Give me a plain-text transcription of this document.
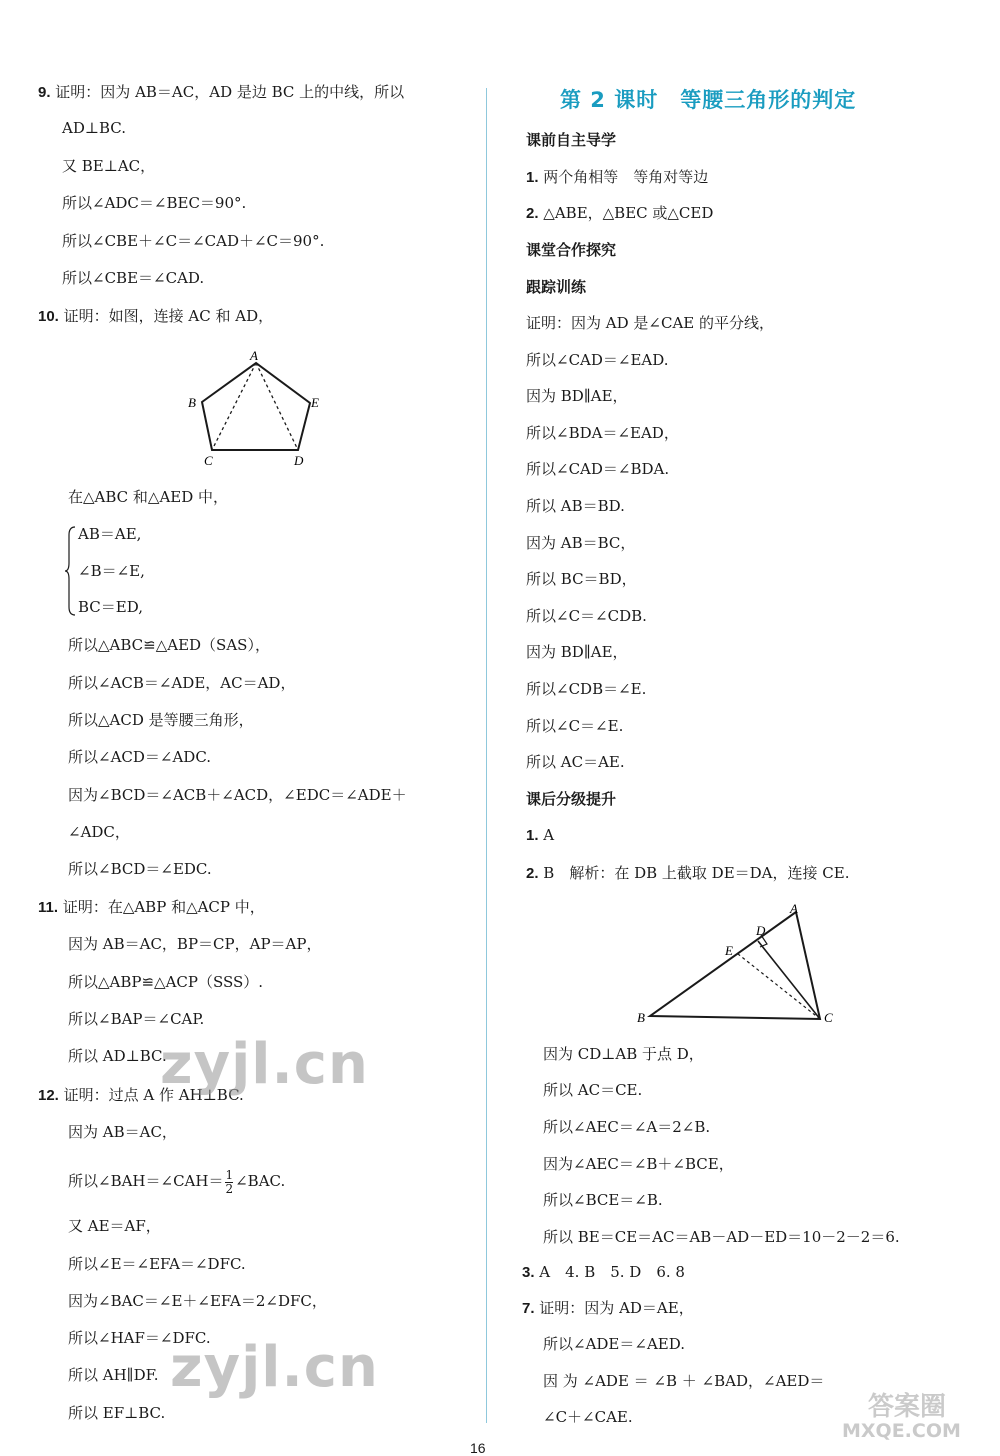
9. 证明：因为 AB＝AC，AD 是边 BC 上的中线，所以
AD⊥BC.
又 BE⊥AC，
所以∠ADC＝∠BEC＝90°.
所以∠CBE＋∠C＝∠CAD＋∠C＝90°.
所以∠CBE＝∠CAD.
10. 证明：如图，连接 AC 和 AD，
A
B
C	D
E
在△ABC 和△AED 中，
AB＝AE,
∠B＝∠E,
BC＝ED,
所以△ABC≌△AED（SAS），
所以∠ACB＝∠ADE，AC＝AD，
所以△ACD 是等腰三角形，
所以∠ACD＝∠ADC.
因为∠BCD＝∠ACB＋∠ACD，∠EDC＝∠ADE＋
∠ADC，
所以∠BCD＝∠EDC.
11. 证明：在△ABP 和△ACP 中，
因为 AB＝AC，BP＝CP，AP＝AP，
所以△ABP≌△ACP（SSS）.
所以∠BAP＝∠CAP.
所以 AD⊥BC.
12. 证明：过点 A 作 AH⊥BC.
因为 AB＝AC，
所以∠BAH＝∠CAH＝ $\frac{1}{2}$ ∠BAC.
又 AE＝AF，
所以∠E＝∠EFA＝∠DFC.
因为∠BAC＝∠E＋∠EFA＝2∠DFC，
所以∠HAF＝∠DFC.
所以 AH∥DF.
所以 EF⊥BC.
第 2 课时　等腰三角形的判定
课前自主导学
1. 两个角相等　等角对等边
2. △ABE，△BEC 或△CED
课堂合作探究
跟踪训练
证明：因为 AD 是∠CAE 的平分线，
所以∠CAD＝∠EAD.
因为 BD∥AE，
所以∠BDA＝∠EAD，
所以∠CAD＝∠BDA.
所以 AB＝BD.
因为 AB＝BC，
所以 BC＝BD，
所以∠C＝∠CDB.
因为 BD∥AE，
所以∠CDB＝∠E.
所以∠C＝∠E.
所以 AC＝AE.
课后分级提升
1. A
2. B　解析：在 DB 上截取 DE＝DA，连接 CE.
A
B	C
D
E
因为 CD⊥AB 于点 D，
所以 AC＝CE.
所以∠AEC＝∠A＝2∠B.
因为∠AEC＝∠B＋∠BCE，
所以∠BCE＝∠B.
所以 BE＝CE＝AC＝AB－AD－ED＝10－2－2＝6.
3. A　4. B　5. D　6. 8
7. 证明：因为 AD＝AE，
所以∠ADE＝∠AED.
因 为 ∠ADE ＝ ∠B ＋ ∠BAD，∠AED＝
∠C＋∠CAE.
zyjl.cn
zyjl.cn
答案圈
MXQE.COM
16
